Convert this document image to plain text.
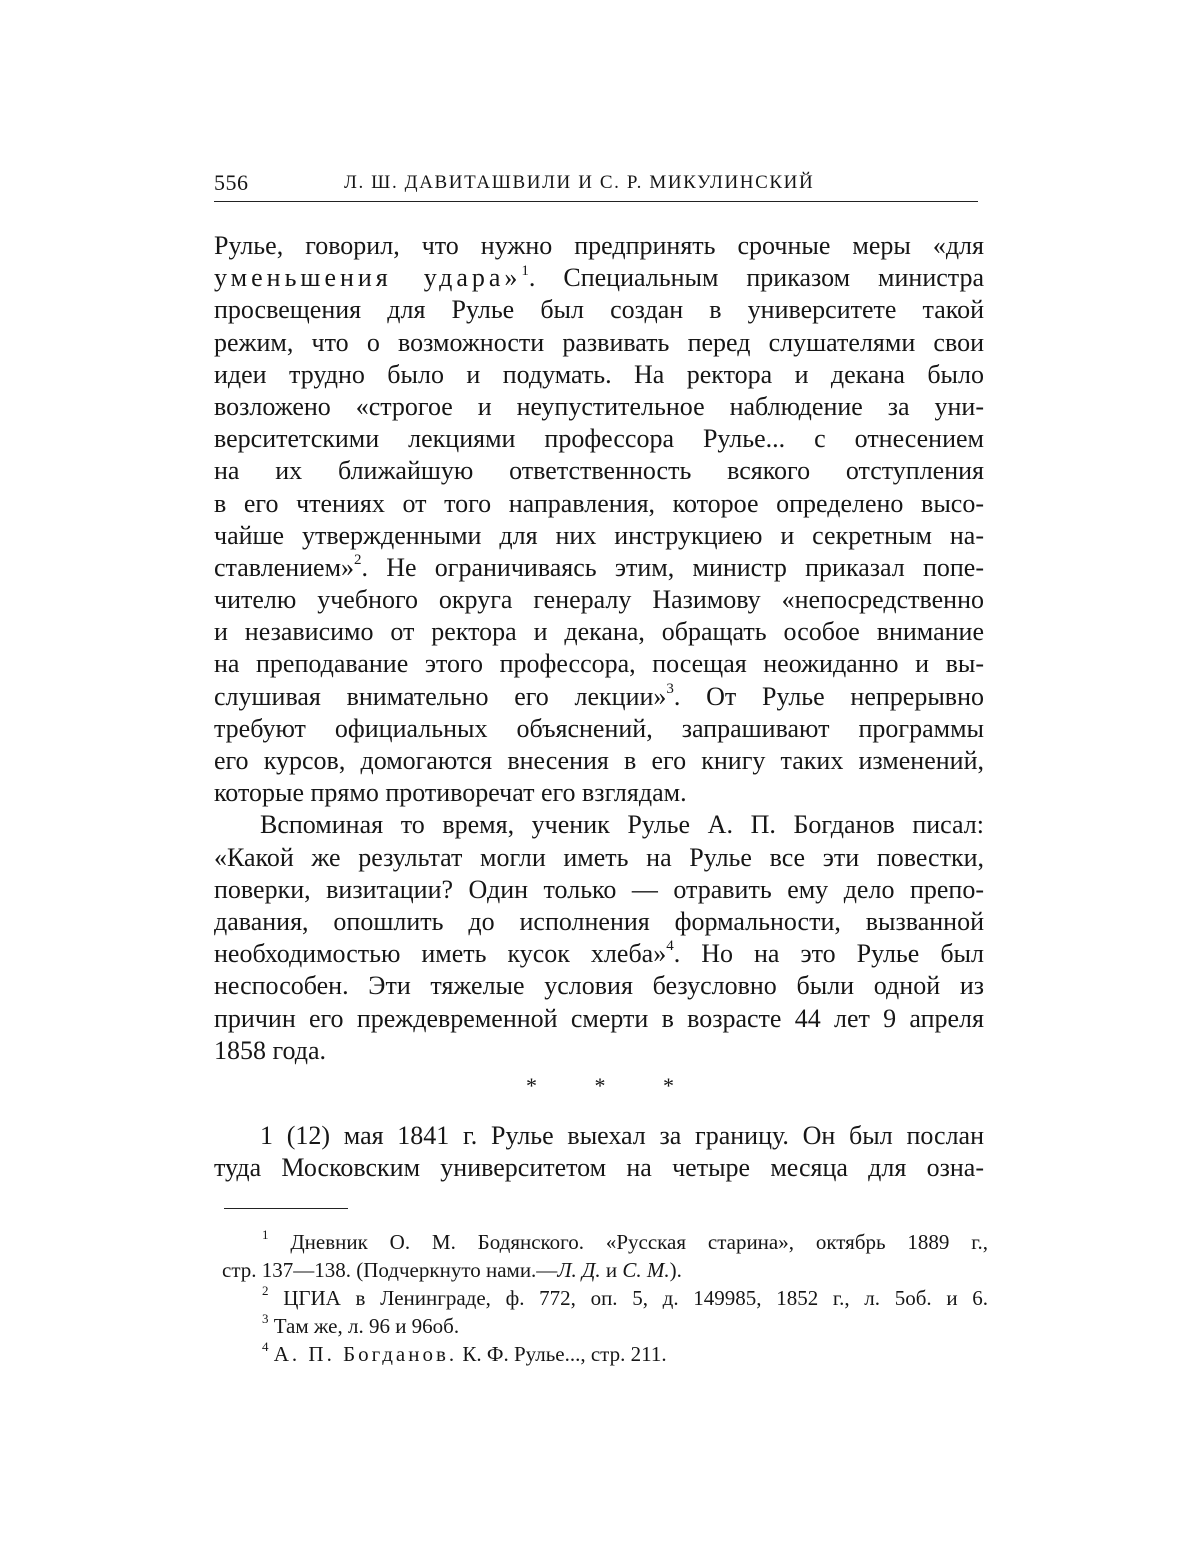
556	Л. Ш. ДАВИТАШВИЛИ И С. Р. МИКУЛИНСКИЙ
Рулье, говорил, что нужно предпринять срочные меры «для
уменьшения удара»$^1$. Специальным приказом министра
просвещения для Рулье был создан в университете такой
режим, что о возможности развивать перед слушателями свои
идеи трудно было и подумать. На ректора и декана было
возложено «строгое и неупустительное наблюдение за уни-
верситетскими лекциями профессора Рулье... с отнесением
на их ближайшую ответственность всякого отступления
в его чтениях от того направления, которое определено высо-
чайше утвержденными для них инструкциею и секретным на-
ставлением»$^2$. Не ограничиваясь этим, министр приказал попе-
чителю учебного округа генералу Назимову «непосредственно
и независимо от ректора и декана, обращать особое внимание
на преподавание этого профессора, посещая неожиданно и вы-
слушивая внимательно его лекции»$^3$. От Рулье непрерывно
требуют официальных объяснений, запрашивают программы
его курсов, домогаются внесения в его книгу таких изменений,
которые прямо противоречат его взглядам.
Вспоминая то время, ученик Рулье А. П. Богданов писал:
«Какой же результат могли иметь на Рулье все эти повестки,
поверки, визитации? Один только — отравить ему дело препо-
давания, опошлить до исполнения формальности, вызванной
необходимостью иметь кусок хлеба»$^4$. Но на это Рулье был
неспособен. Эти тяжелые условия безусловно были одной из
причин его преждевременной смерти в возрасте 44 лет 9 апреля
1858 года.
* * *
1 (12) мая 1841 г. Рулье выехал за границу. Он был послан
туда Московским университетом на четыре месяца для озна-
$^1$ Дневник О. М. Бодянского. «Русская старина», октябрь 1889 г.,
стр. 137—138. (Подчеркнуто нами.—Л. Д. и С. М.).
$^2$ ЦГИА в Ленинграде, ф. 772, оп. 5, д. 149985, 1852 г., л. 5об. и 6.
$^3$ Там же, л. 96 и 96об.
$^4$ А. П. Богданов. К. Ф. Рулье..., стр. 211.
